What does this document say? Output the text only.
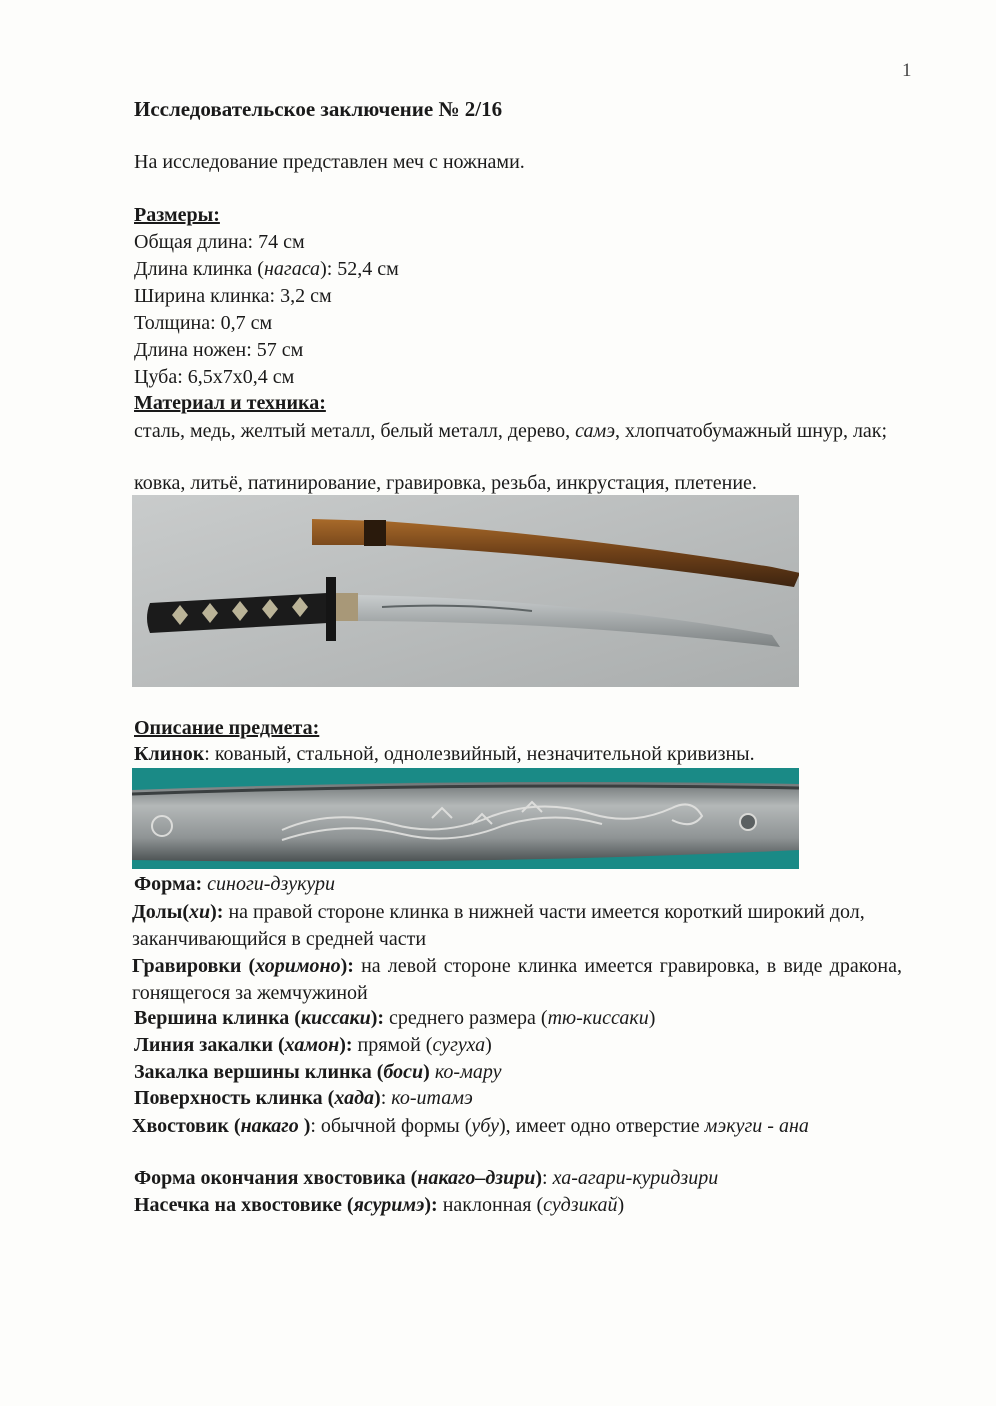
1
Исследовательское заключение № 2/16
На исследование представлен меч с ножнами.
Размеры:
Общая длина: 74 см
Длина клинка (нагаса): 52,4 см
Ширина клинка: 3,2 см
Толщина: 0,7 см
Длина ножен: 57 см
Цуба: 6,5х7х0,4 см
Материал и техника:
сталь, медь, желтый металл, белый металл, дерево, самэ, хлопчатобумажный шнур, лак;
ковка, литьё, патинирование, гравировка, резьба, инкрустация, плетение.
Описание предмета:
Клинок: кованый, стальной, однолезвийный, незначительной кривизны.
Форма: синоги-дзукури
Долы(хи): на правой стороне клинка в нижней части имеется короткий широкий дол, заканчивающийся в средней части
Гравировки (хоримоно): на левой стороне клинка имеется гравировка, в виде дракона, гонящегося за жемчужиной
Вершина клинка (киссаки): среднего размера (тю-киссаки)
Линия закалки (хамон): прямой (сугуха)
Закалка вершины клинка (боси) ко-мару
Поверхность клинка (хада): ко-итамэ
Хвостовик (накаго ): обычной формы (убу), имеет одно отверстие мэкуги - ана
Форма окончания хвостовика (накаго–дзири): ха-агари-куридзири
Насечка на хвостовике (ясуримэ): наклонная (судзикай)
